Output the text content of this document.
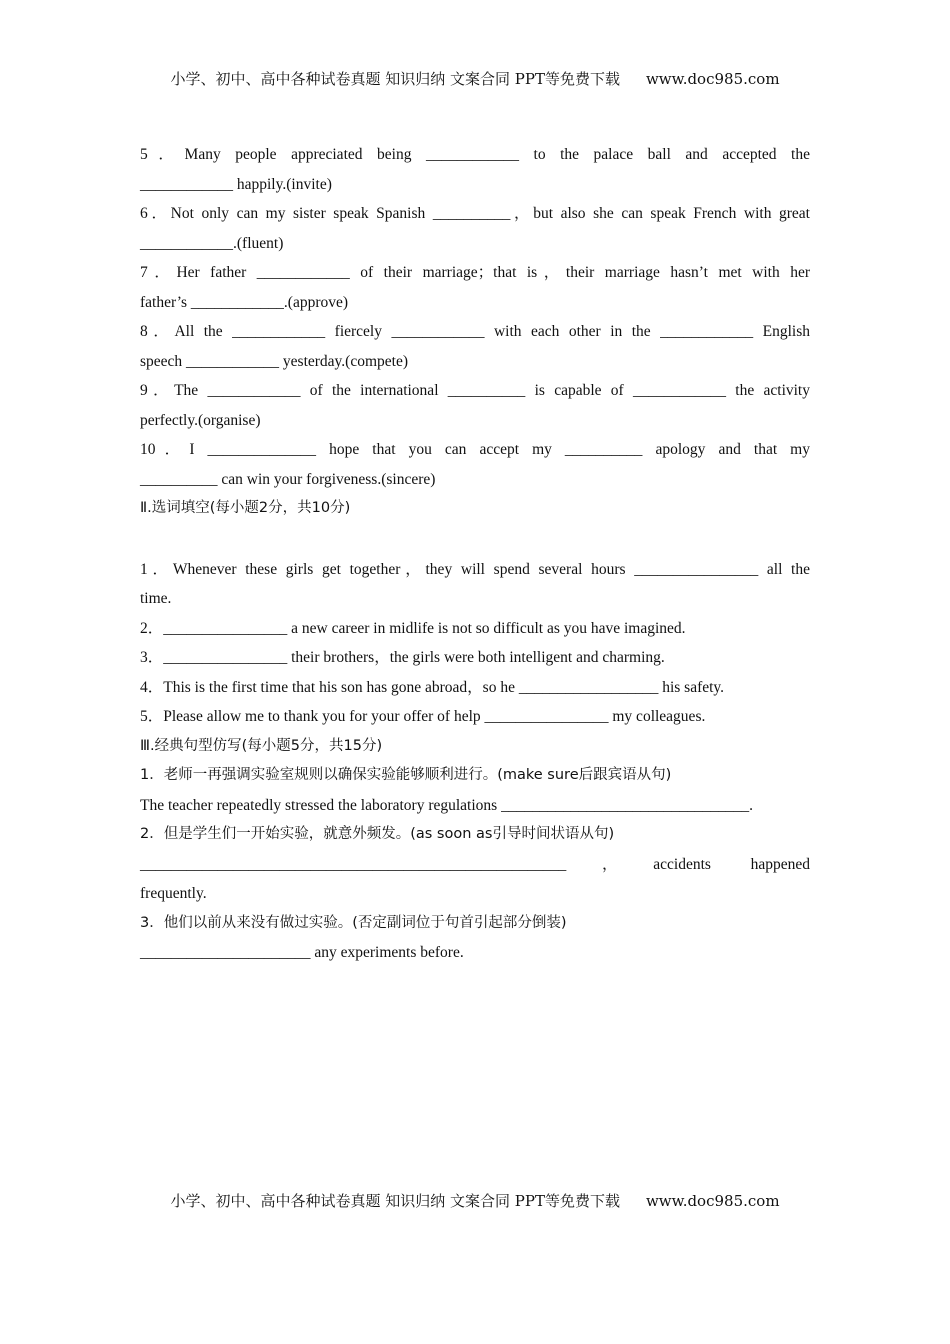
小学、初中、高中各种试卷真题 知识归纳 文案合同 PPT等免费下载 www.doc985.com

5．Many people appreciated being ____________ to the palace ball and accepted the

____________ happily.(invite)

6．Not only can my sister speak Spanish __________，but also she can speak French with great

____________.(fluent)

7．Her father ____________ of their marriage；that is，their marriage hasn’t met with her

father’s ____________.(approve)

8．All the ____________ fiercely ____________ with each other in the ____________ English

speech ____________ yesterday.(compete)

9．The ____________ of the international __________ is capable of ____________ the activity

perfectly.(organise)

10．I ______________ hope that you can accept my __________ apology and that my

__________ can win your forgiveness.(sincere)

Ⅱ.选词填空(每小题2分，共10分)

1．Whenever these girls get together，they will spend several hours ________________ all the

time.

2．________________ a new career in midlife is not so difficult as you have imagined.

3．________________ their brothers，the girls were both intelligent and charming.

4．This is the first time that his son has gone abroad，so he __________________ his safety.

5．Please allow me to thank you for your offer of help ________________ my colleagues.

Ⅲ.经典句型仿写(每小题5分，共15分)

1．老师一再强调实验室规则以确保实验能够顺利进行。(make sure后跟宾语从句)

The teacher repeatedly stressed the laboratory regulations ________________________________.

2．但是学生们一开始实验，就意外频发。(as soon as引导时间状语从句)

_______________________________________________________，accidents happened

frequently.

3．他们以前从来没有做过实验。(否定副词位于句首引起部分倒装)

______________________ any experiments before.

小学、初中、高中各种试卷真题 知识归纳 文案合同 PPT等免费下载 www.doc985.com
